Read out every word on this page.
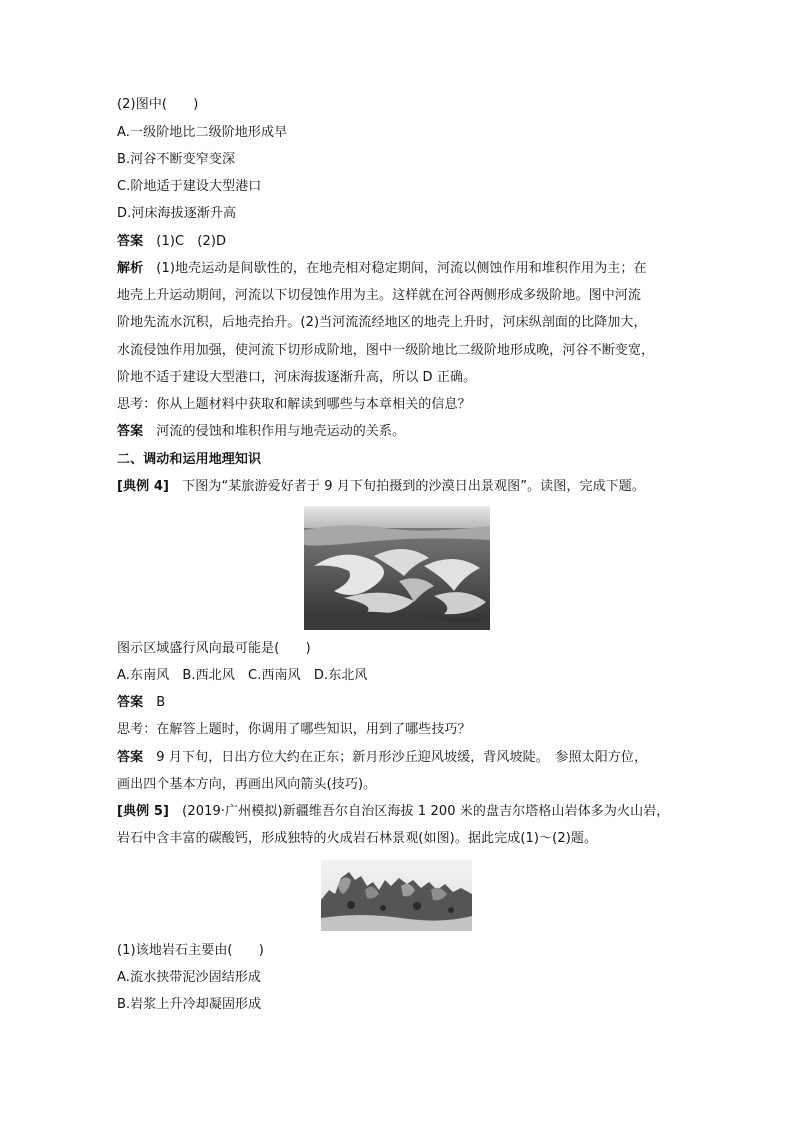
(2)图中(　　)
A.一级阶地比二级阶地形成早
B.河谷不断变窄变深
C.阶地适于建设大型港口
D.河床海拔逐渐升高
答案　(1)C　(2)D
解析　(1)地壳运动是间歇性的，在地壳相对稳定期间，河流以侧蚀作用和堆积作用为主；在
地壳上升运动期间，河流以下切侵蚀作用为主。这样就在河谷两侧形成多级阶地。图中河流
阶地先流水沉积，后地壳抬升。(2)当河流流经地区的地壳上升时，河床纵剖面的比降加大，
水流侵蚀作用加强，使河流下切形成阶地，图中一级阶地比二级阶地形成晚，河谷不断变宽，
阶地不适于建设大型港口，河床海拔逐渐升高，所以 D 正确。
思考：你从上题材料中获取和解读到哪些与本章相关的信息？
答案　河流的侵蚀和堆积作用与地壳运动的关系。
二、调动和运用地理知识
[典例 4]　下图为“某旅游爱好者于 9 月下旬拍摄到的沙漠日出景观图”。读图，完成下题。
图示区域盛行风向最可能是(　　)
A.东南风　B.西北风　C.西南风　D.东北风
答案　B
思考：在解答上题时，你调用了哪些知识，用到了哪些技巧？
答案　9 月下旬，日出方位大约在正东；新月形沙丘迎风坡缓，背风坡陡。　参照太阳方位，
画出四个基本方向，再画出风向箭头(技巧)。
[典例 5]　(2019·广州模拟)新疆维吾尔自治区海拔 1 200 米的盘吉尔塔格山岩体多为火山岩，
岩石中含丰富的碳酸钙，形成独特的火成岩石林景观(如图)。据此完成(1)～(2)题。
(1)该地岩石主要由(　　)
A.流水挟带泥沙固结形成
B.岩浆上升冷却凝固形成
